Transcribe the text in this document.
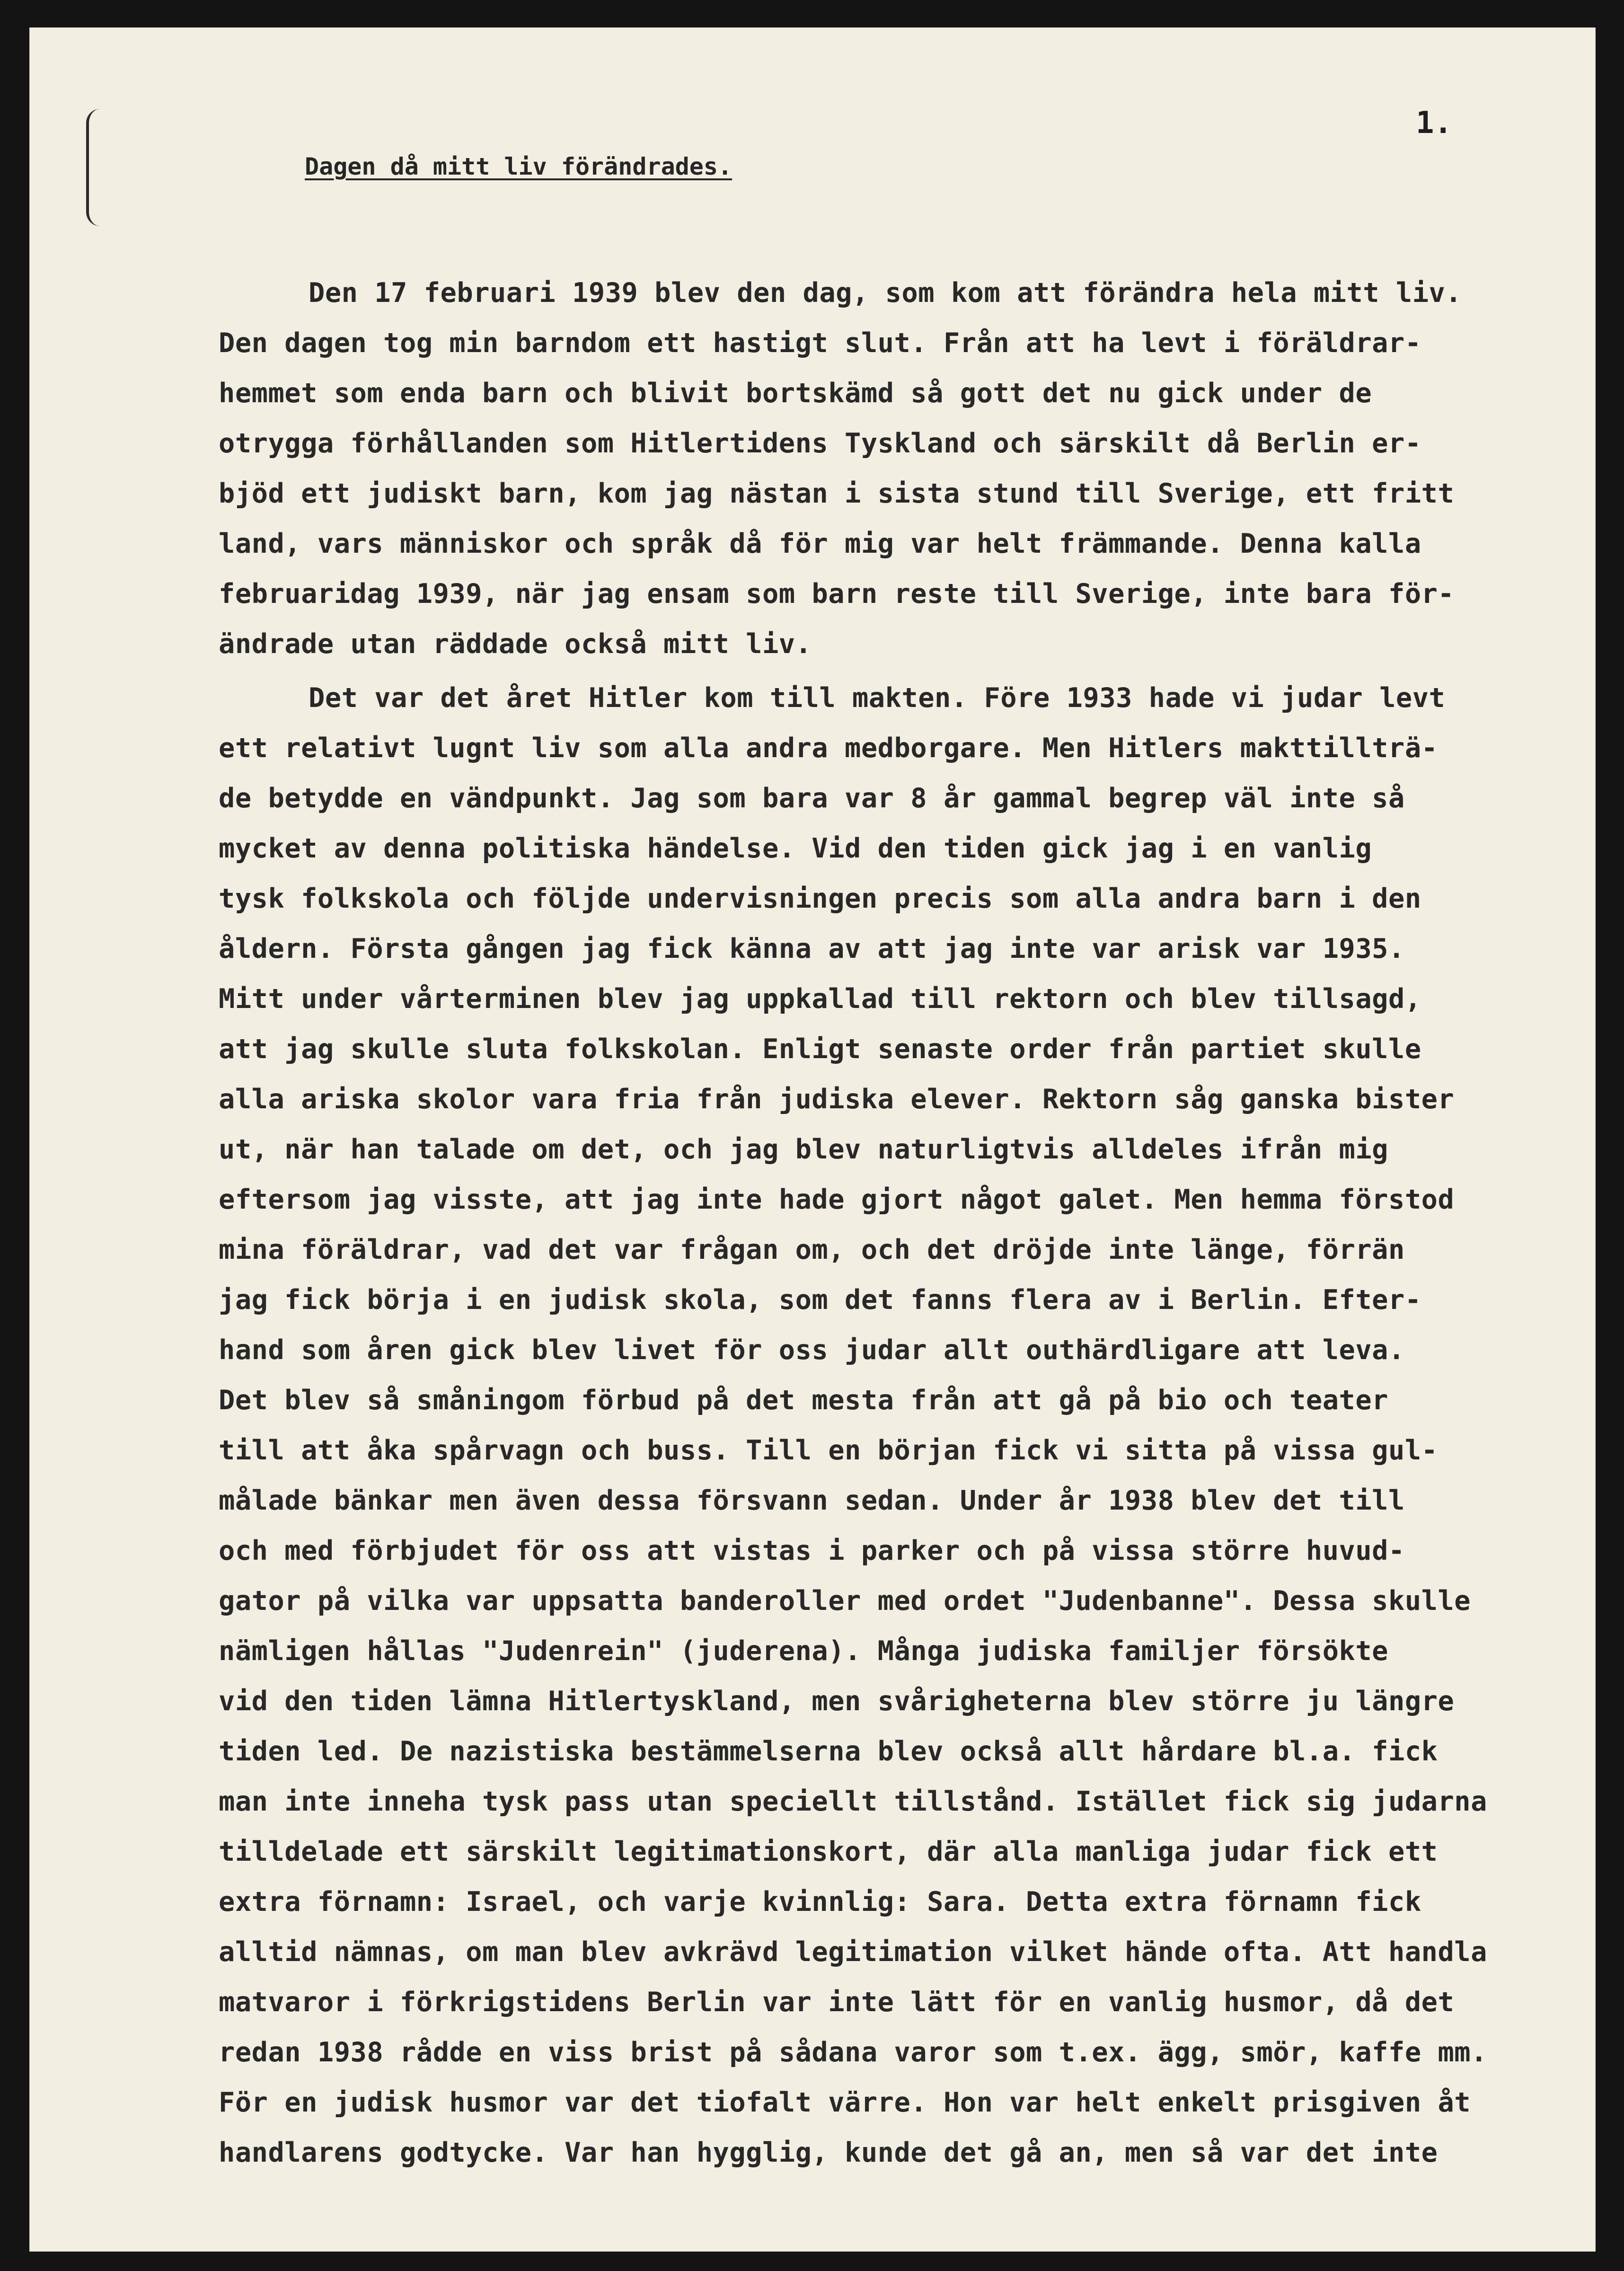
1.
Dagen då mitt liv förändrades.
Den 17 februari 1939 blev den dag, som kom att förändra hela mitt liv.
Den dagen tog min barndom ett hastigt slut. Från att ha levt i föräldrar-
hemmet som enda barn och blivit bortskämd så gott det nu gick under de
otrygga förhållanden som Hitlertidens Tyskland och särskilt då Berlin er-
bjöd ett judiskt barn, kom jag nästan i sista stund till Sverige, ett fritt
land, vars människor och språk då för mig var helt främmande. Denna kalla
februaridag 1939, när jag ensam som barn reste till Sverige, inte bara för-
ändrade utan räddade också mitt liv.
Det var det året Hitler kom till makten. Före 1933 hade vi judar levt
ett relativt lugnt liv som alla andra medborgare. Men Hitlers makttillträ-
de betydde en vändpunkt. Jag som bara var 8 år gammal begrep väl inte så
mycket av denna politiska händelse. Vid den tiden gick jag i en vanlig
tysk folkskola och följde undervisningen precis som alla andra barn i den
åldern. Första gången jag fick känna av att jag inte var arisk var 1935.
Mitt under vårterminen blev jag uppkallad till rektorn och blev tillsagd,
att jag skulle sluta folkskolan. Enligt senaste order från partiet skulle
alla ariska skolor vara fria från judiska elever. Rektorn såg ganska bister
ut, när han talade om det, och jag blev naturligtvis alldeles ifrån mig
eftersom jag visste, att jag inte hade gjort något galet. Men hemma förstod
mina föräldrar, vad det var frågan om, och det dröjde inte länge, förrän
jag fick börja i en judisk skola, som det fanns flera av i Berlin. Efter-
hand som åren gick blev livet för oss judar allt outhärdligare att leva.
Det blev så småningom förbud på det mesta från att gå på bio och teater
till att åka spårvagn och buss. Till en början fick vi sitta på vissa gul-
målade bänkar men även dessa försvann sedan. Under år 1938 blev det till
och med förbjudet för oss att vistas i parker och på vissa större huvud-
gator på vilka var uppsatta banderoller med ordet "Judenbanne". Dessa skulle
nämligen hållas "Judenrein" (juderena). Många judiska familjer försökte
vid den tiden lämna Hitlertyskland, men svårigheterna blev större ju längre
tiden led. De nazistiska bestämmelserna blev också allt hårdare bl.a. fick
man inte inneha tysk pass utan speciellt tillstånd. Istället fick sig judarna
tilldelade ett särskilt legitimationskort, där alla manliga judar fick ett
extra förnamn: Israel, och varje kvinnlig: Sara. Detta extra förnamn fick
alltid nämnas, om man blev avkrävd legitimation vilket hände ofta. Att handla
matvaror i förkrigstidens Berlin var inte lätt för en vanlig husmor, då det
redan 1938 rådde en viss brist på sådana varor som t.ex. ägg, smör, kaffe mm.
För en judisk husmor var det tiofalt värre. Hon var helt enkelt prisgiven åt
handlarens godtycke. Var han hygglig, kunde det gå an, men så var det inte
